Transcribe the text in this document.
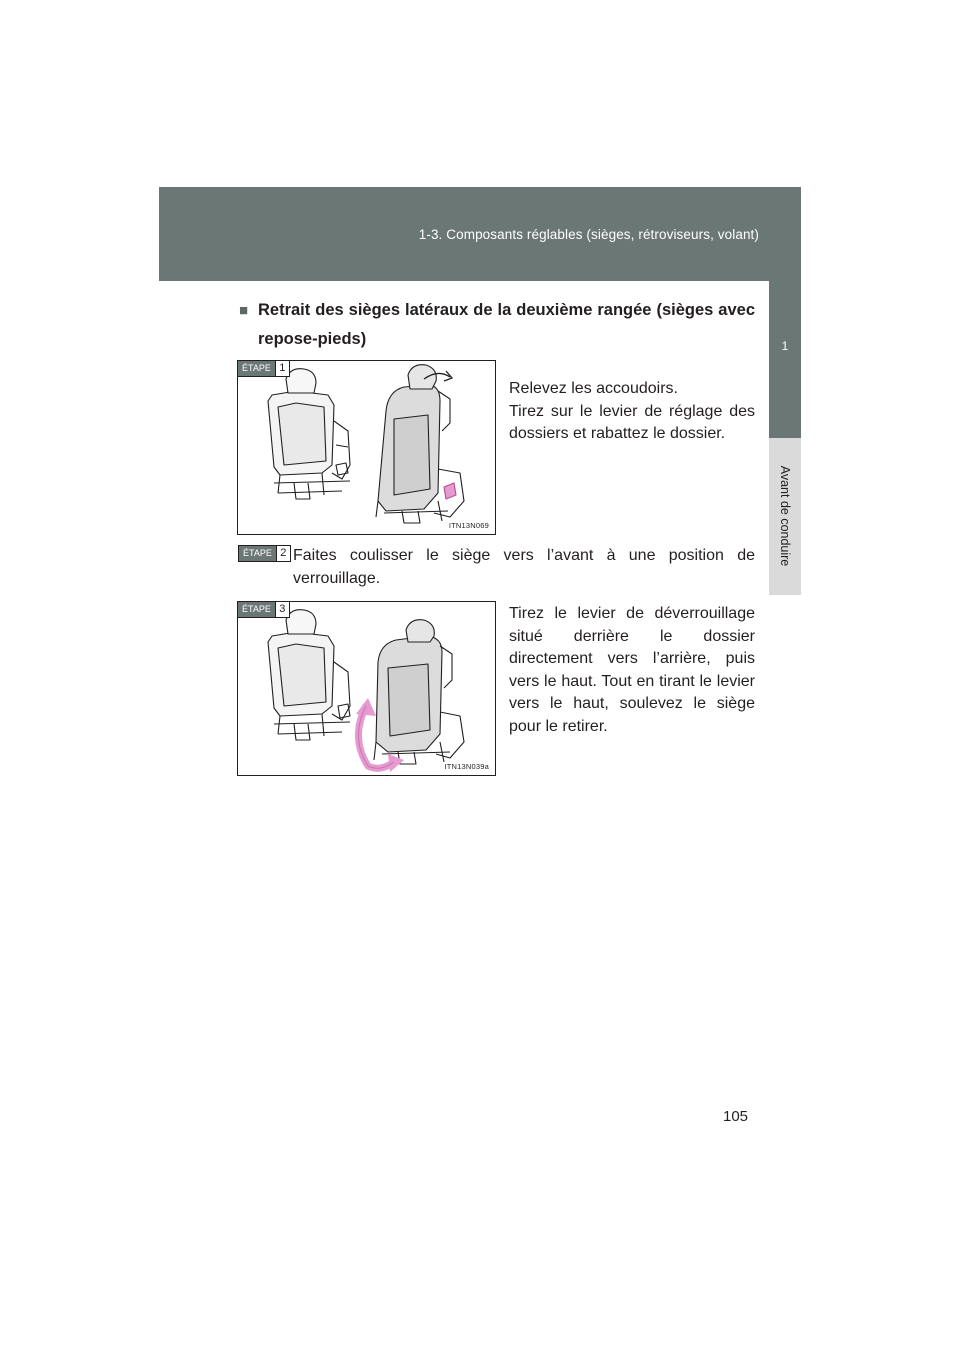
1-3. Composants réglables (sièges, rétroviseurs, volant)
1
Avant de conduire
■ Retrait des sièges latéraux de la deuxième rangée (sièges avec repose-pieds)
ÉTAPE 1
ITN13N069
Relevez les accoudoirs.
Tirez sur le levier de réglage des dossiers et rabattez le dossier.
ÉTAPE 2 Faites coulisser le siège vers l’avant à une position de verrouillage.
ÉTAPE 3
ITN13N039a
Tirez le levier de déverrouillage situé derrière le dossier directement vers l’arrière, puis vers le haut. Tout en tirant le levier vers le haut, soulevez le siège pour le retirer.
105
